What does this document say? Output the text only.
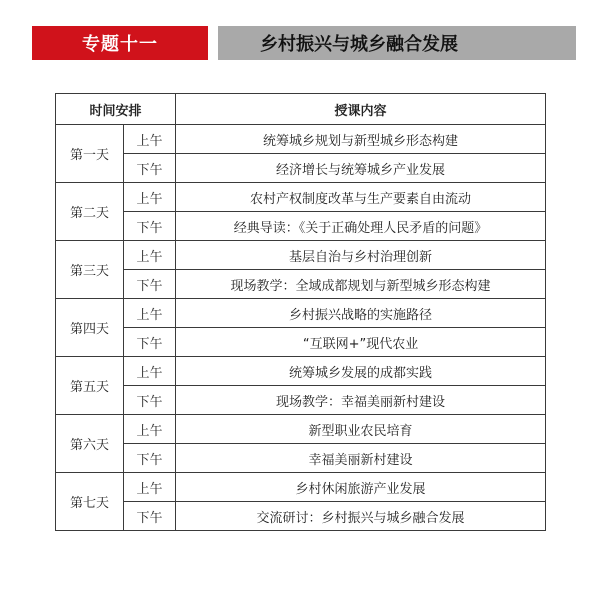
专题十一	乡村振兴与城乡融合发展
时间安排		授课内容
第一天	上午	统筹城乡规划与新型城乡形态构建
	下午	经济增长与统筹城乡产业发展
第二天	上午	农村产权制度改革与生产要素自由流动
	下午	经典导读：《关于正确处理人民矛盾的问题》
第三天	上午	基层自治与乡村治理创新
	下午	现场教学：全域成都规划与新型城乡形态构建
第四天	上午	乡村振兴战略的实施路径
	下午	“互联网+”现代农业
第五天	上午	统筹城乡发展的成都实践
	下午	现场教学：幸福美丽新村建设
第六天	上午	新型职业农民培育
	下午	幸福美丽新村建设
第七天	上午	乡村休闲旅游产业发展
	下午	交流研讨：乡村振兴与城乡融合发展
